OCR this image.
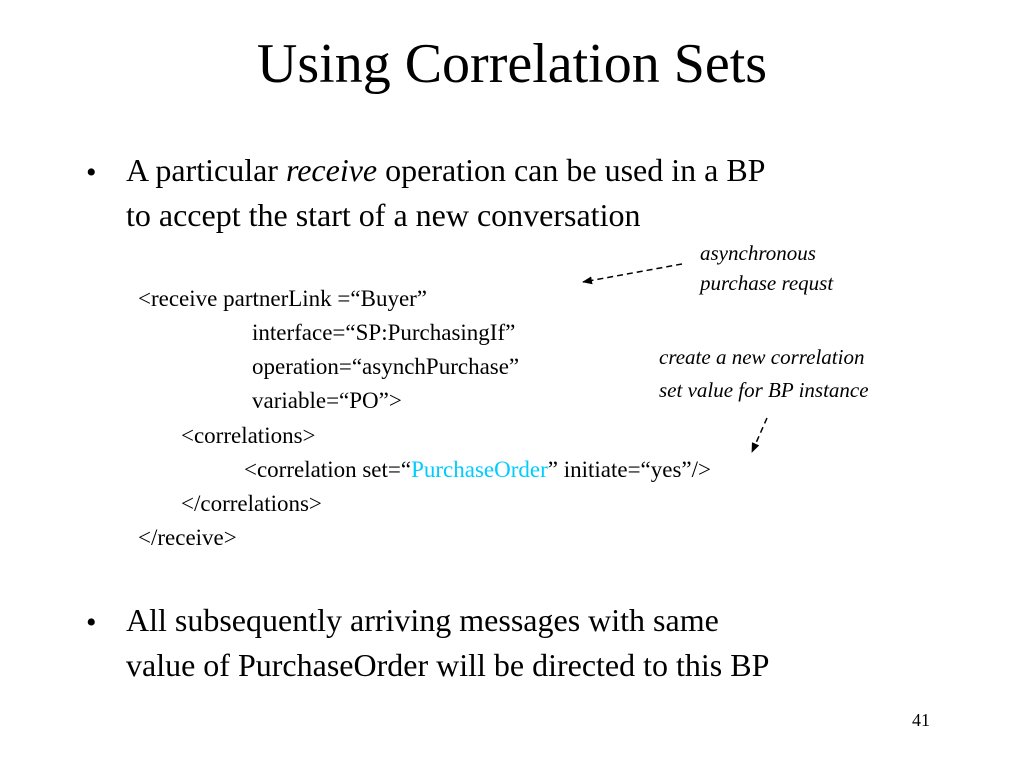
Using Correlation Sets
• A particular receive operation can be used in a BP
to accept the start of a new conversation
<receive partnerLink =“Buyer”
interface=“SP:PurchasingIf”
operation=“asynchPurchase”
variable=“PO”>
<correlations>
<correlation set=“PurchaseOrder” initiate=“yes”/>
</correlations>
</receive>
asynchronous
purchase requst
create a new correlation
set value for BP instance
• All subsequently arriving messages with same
value of PurchaseOrder will be directed to this BP
41
